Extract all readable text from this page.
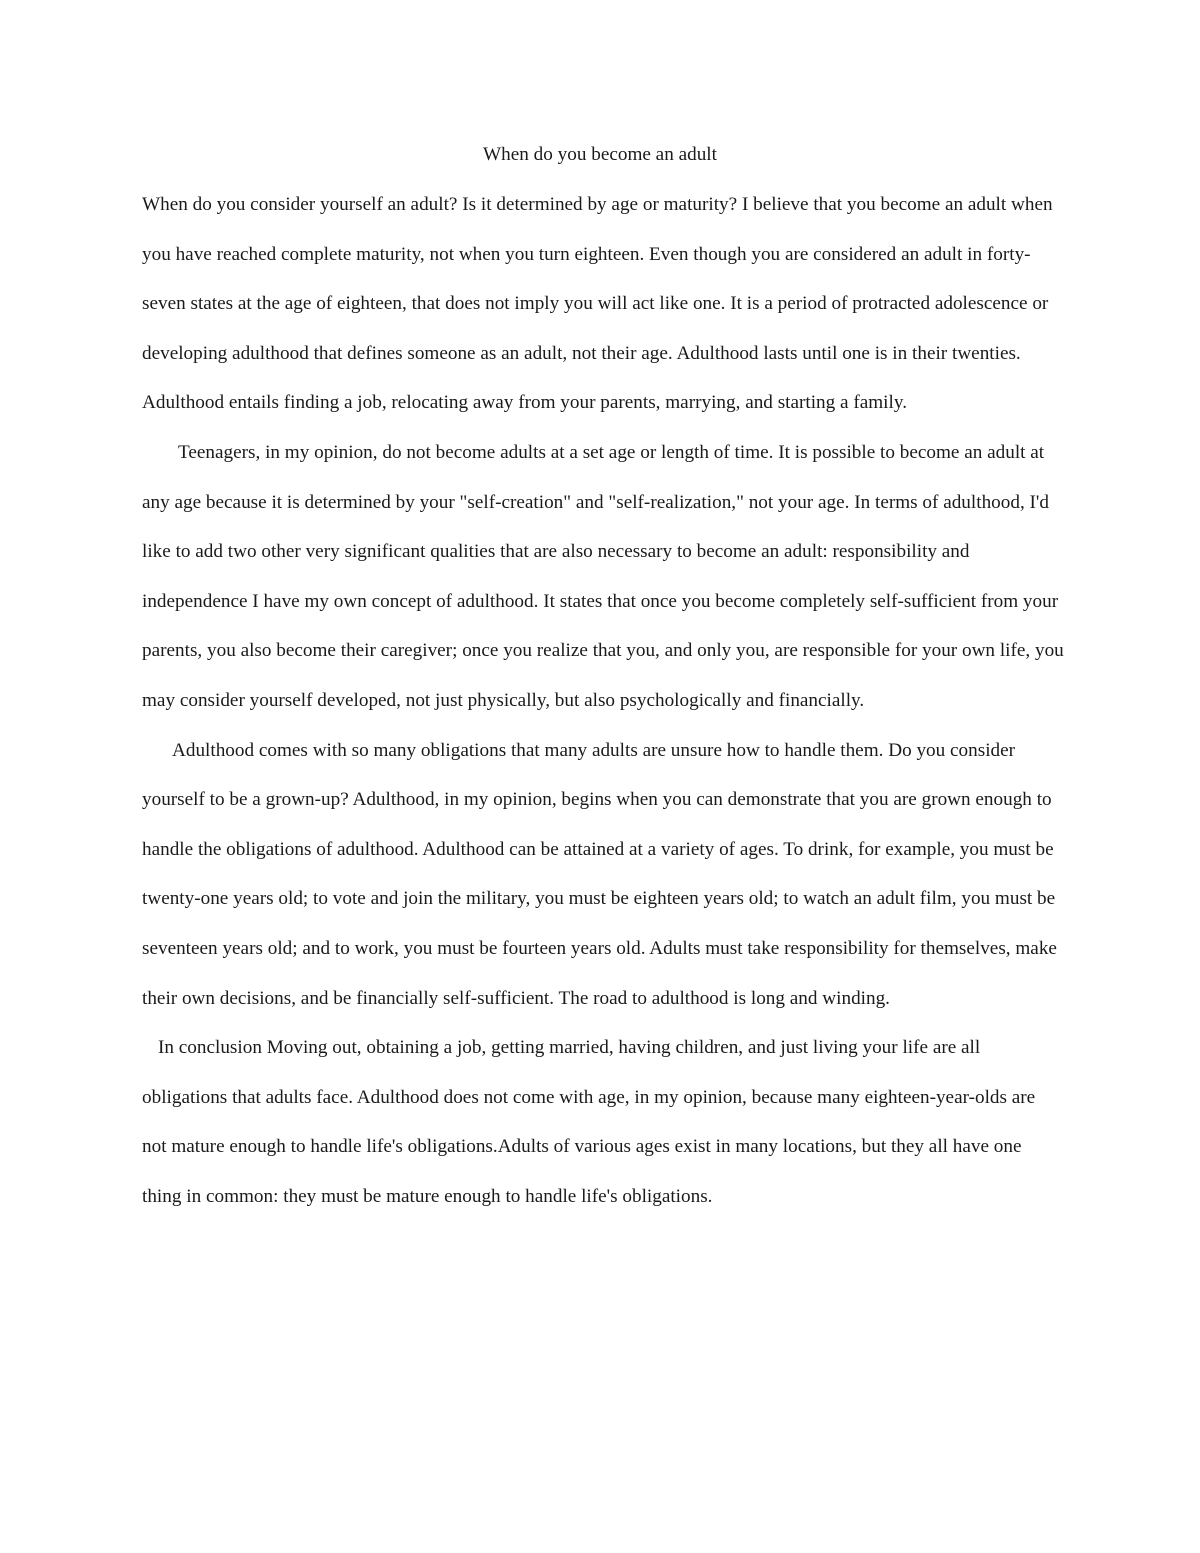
When do you become an adult

When do you consider yourself an adult? Is it determined by age or maturity? I believe that you become an adult when you have reached complete maturity, not when you turn eighteen. Even though you are considered an adult in forty-seven states at the age of eighteen, that does not imply you will act like one. It is a period of protracted adolescence or developing adulthood that defines someone as an adult, not their age. Adulthood lasts until one is in their twenties. Adulthood entails finding a job, relocating away from your parents, marrying, and starting a family.

Teenagers, in my opinion, do not become adults at a set age or length of time. It is possible to become an adult at any age because it is determined by your "self-creation" and "self-realization," not your age. In terms of adulthood, I'd like to add two other very significant qualities that are also necessary to become an adult: responsibility and independence I have my own concept of adulthood. It states that once you become completely self-sufficient from your parents, you also become their caregiver; once you realize that you, and only you, are responsible for your own life, you may consider yourself developed, not just physically, but also psychologically and financially.

Adulthood comes with so many obligations that many adults are unsure how to handle them. Do you consider yourself to be a grown-up? Adulthood, in my opinion, begins when you can demonstrate that you are grown enough to handle the obligations of adulthood. Adulthood can be attained at a variety of ages. To drink, for example, you must be twenty-one years old; to vote and join the military, you must be eighteen years old; to watch an adult film, you must be seventeen years old; and to work, you must be fourteen years old. Adults must take responsibility for themselves, make their own decisions, and be financially self-sufficient. The road to adulthood is long and winding.

In conclusion Moving out, obtaining a job, getting married, having children, and just living your life are all obligations that adults face. Adulthood does not come with age, in my opinion, because many eighteen-year-olds are not mature enough to handle life's obligations.Adults of various ages exist in many locations, but they all have one thing in common: they must be mature enough to handle life's obligations.
